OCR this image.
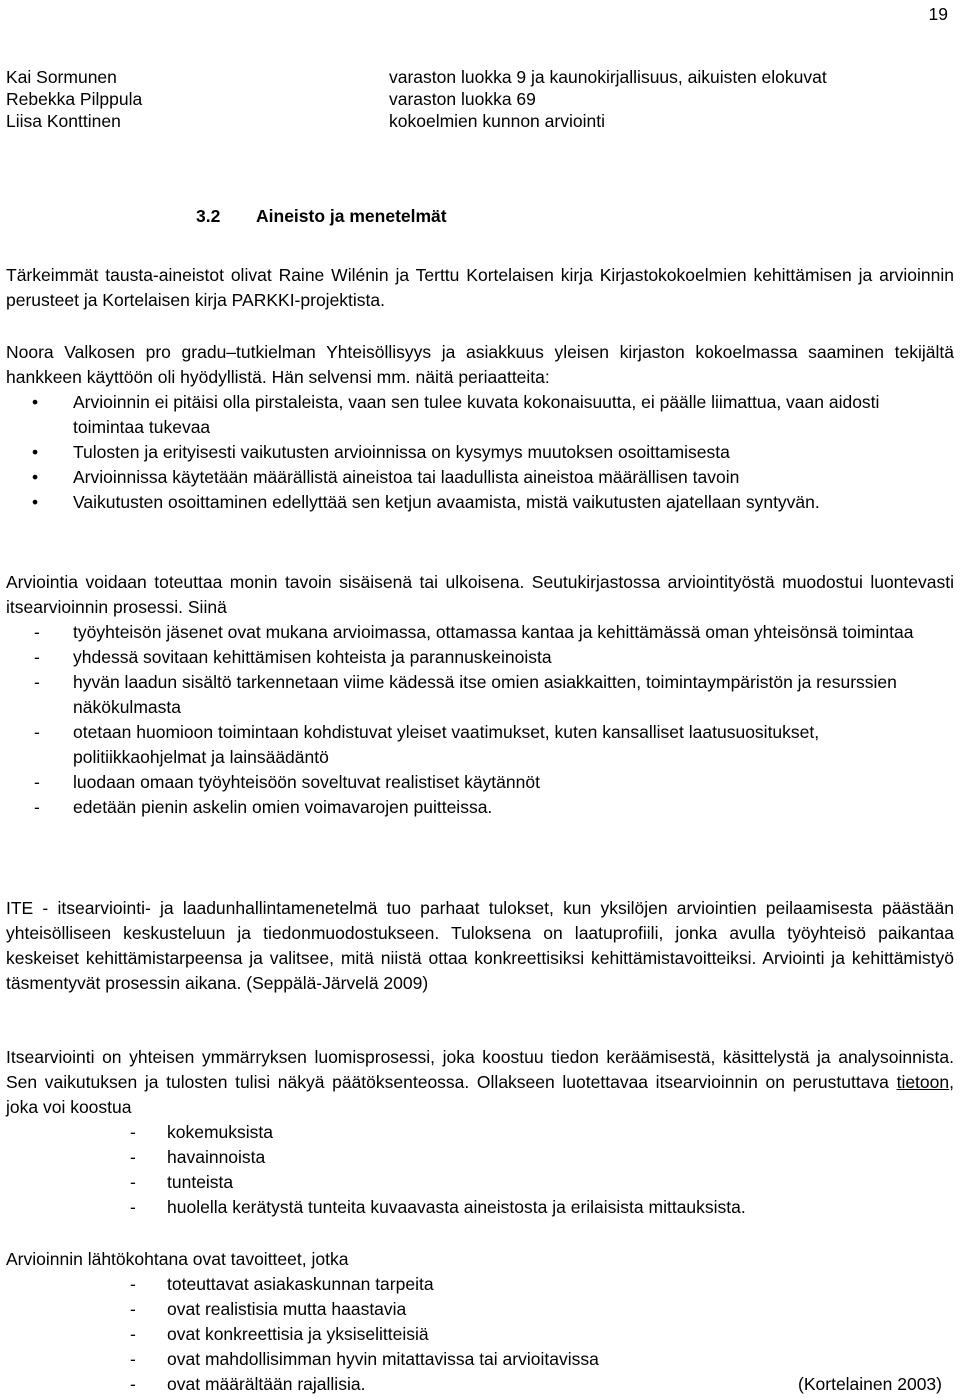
19
Kai Sormunen	varaston luokka 9 ja kaunokirjallisuus, aikuisten elokuvat
Rebekka Pilppula	varaston luokka 69
Liisa Konttinen	kokoelmien kunnon arviointi
3.2 Aineisto ja menetelmät

Tärkeimmät tausta-aineistot olivat Raine Wilénin ja Terttu Kortelaisen kirja Kirjastokokoelmien kehittämisen ja arvioinnin perusteet ja Kortelaisen kirja PARKKI-projektista.

Noora Valkosen pro gradu–tutkielman Yhteisöllisyys ja asiakkuus yleisen kirjaston kokoelmassa saaminen tekijältä hankkeen käyttöön oli hyödyllistä. Hän selvensi mm. näitä periaatteita:

• Arvioinnin ei pitäisi olla pirstaleista, vaan sen tulee kuvata kokonaisuutta, ei päälle liimattua, vaan aidosti toimintaa tukevaa
• Tulosten ja erityisesti vaikutusten arvioinnissa on kysymys muutoksen osoittamisesta
• Arvioinnissa käytetään määrällistä aineistoa tai laadullista aineistoa määrällisen tavoin
• Vaikutusten osoittaminen edellyttää sen ketjun avaamista, mistä vaikutusten ajatellaan syntyvän.

Arviointia voidaan toteuttaa monin tavoin sisäisenä tai ulkoisena. Seutukirjastossa arviointityöstä muodostui luontevasti itsearvioinnin prosessi. Siinä

- työyhteisön jäsenet ovat mukana arvioimassa, ottamassa kantaa ja kehittämässä oman yhteisönsä toimintaa
- yhdessä sovitaan kehittämisen kohteista ja parannuskeinoista
- hyvän laadun sisältö tarkennetaan viime kädessä itse omien asiakkaitten, toimintaympäristön ja resurssien näkökulmasta
- otetaan huomioon toimintaan kohdistuvat yleiset vaatimukset, kuten kansalliset laatusuositukset, politiikkaohjelmat ja lainsäädäntö
- luodaan omaan työyhteisöön soveltuvat realistiset käytännöt
- edetään pienin askelin omien voimavarojen puitteissa.

ITE - itsearviointi- ja laadunhallintamenetelmä tuo parhaat tulokset, kun yksilöjen arviointien peilaamisesta päästään yhteisölliseen keskusteluun ja tiedonmuodostukseen. Tuloksena on laatuprofiili, jonka avulla työyhteisö paikantaa keskeiset kehittämistarpeensa ja valitsee, mitä niistä ottaa konkreettisiksi kehittämistavoitteiksi. Arviointi ja kehittämistyö täsmentyvät prosessin aikana. (Seppälä-Järvelä 2009)

Itsearviointi on yhteisen ymmärryksen luomisprosessi, joka koostuu tiedon keräämisestä, käsittelystä ja analysoinnista. Sen vaikutuksen ja tulosten tulisi näkyä päätöksenteossa. Ollakseen luotettavaa itsearvioinnin on perustuttava tietoon, joka voi koostua

- kokemuksista
- havainnoista
- tunteista
- huolella kerätystä tunteita kuvaavasta aineistosta ja erilaisista mittauksista.

Arvioinnin lähtökohtana ovat tavoitteet, jotka

- toteuttavat asiakaskunnan tarpeita
- ovat realistisia mutta haastavia
- ovat konkreettisia ja yksiselitteisiä
- ovat mahdollisimman hyvin mitattavissa tai arvioitavissa
- ovat määrältään rajallisia.	(Kortelainen 2003)
